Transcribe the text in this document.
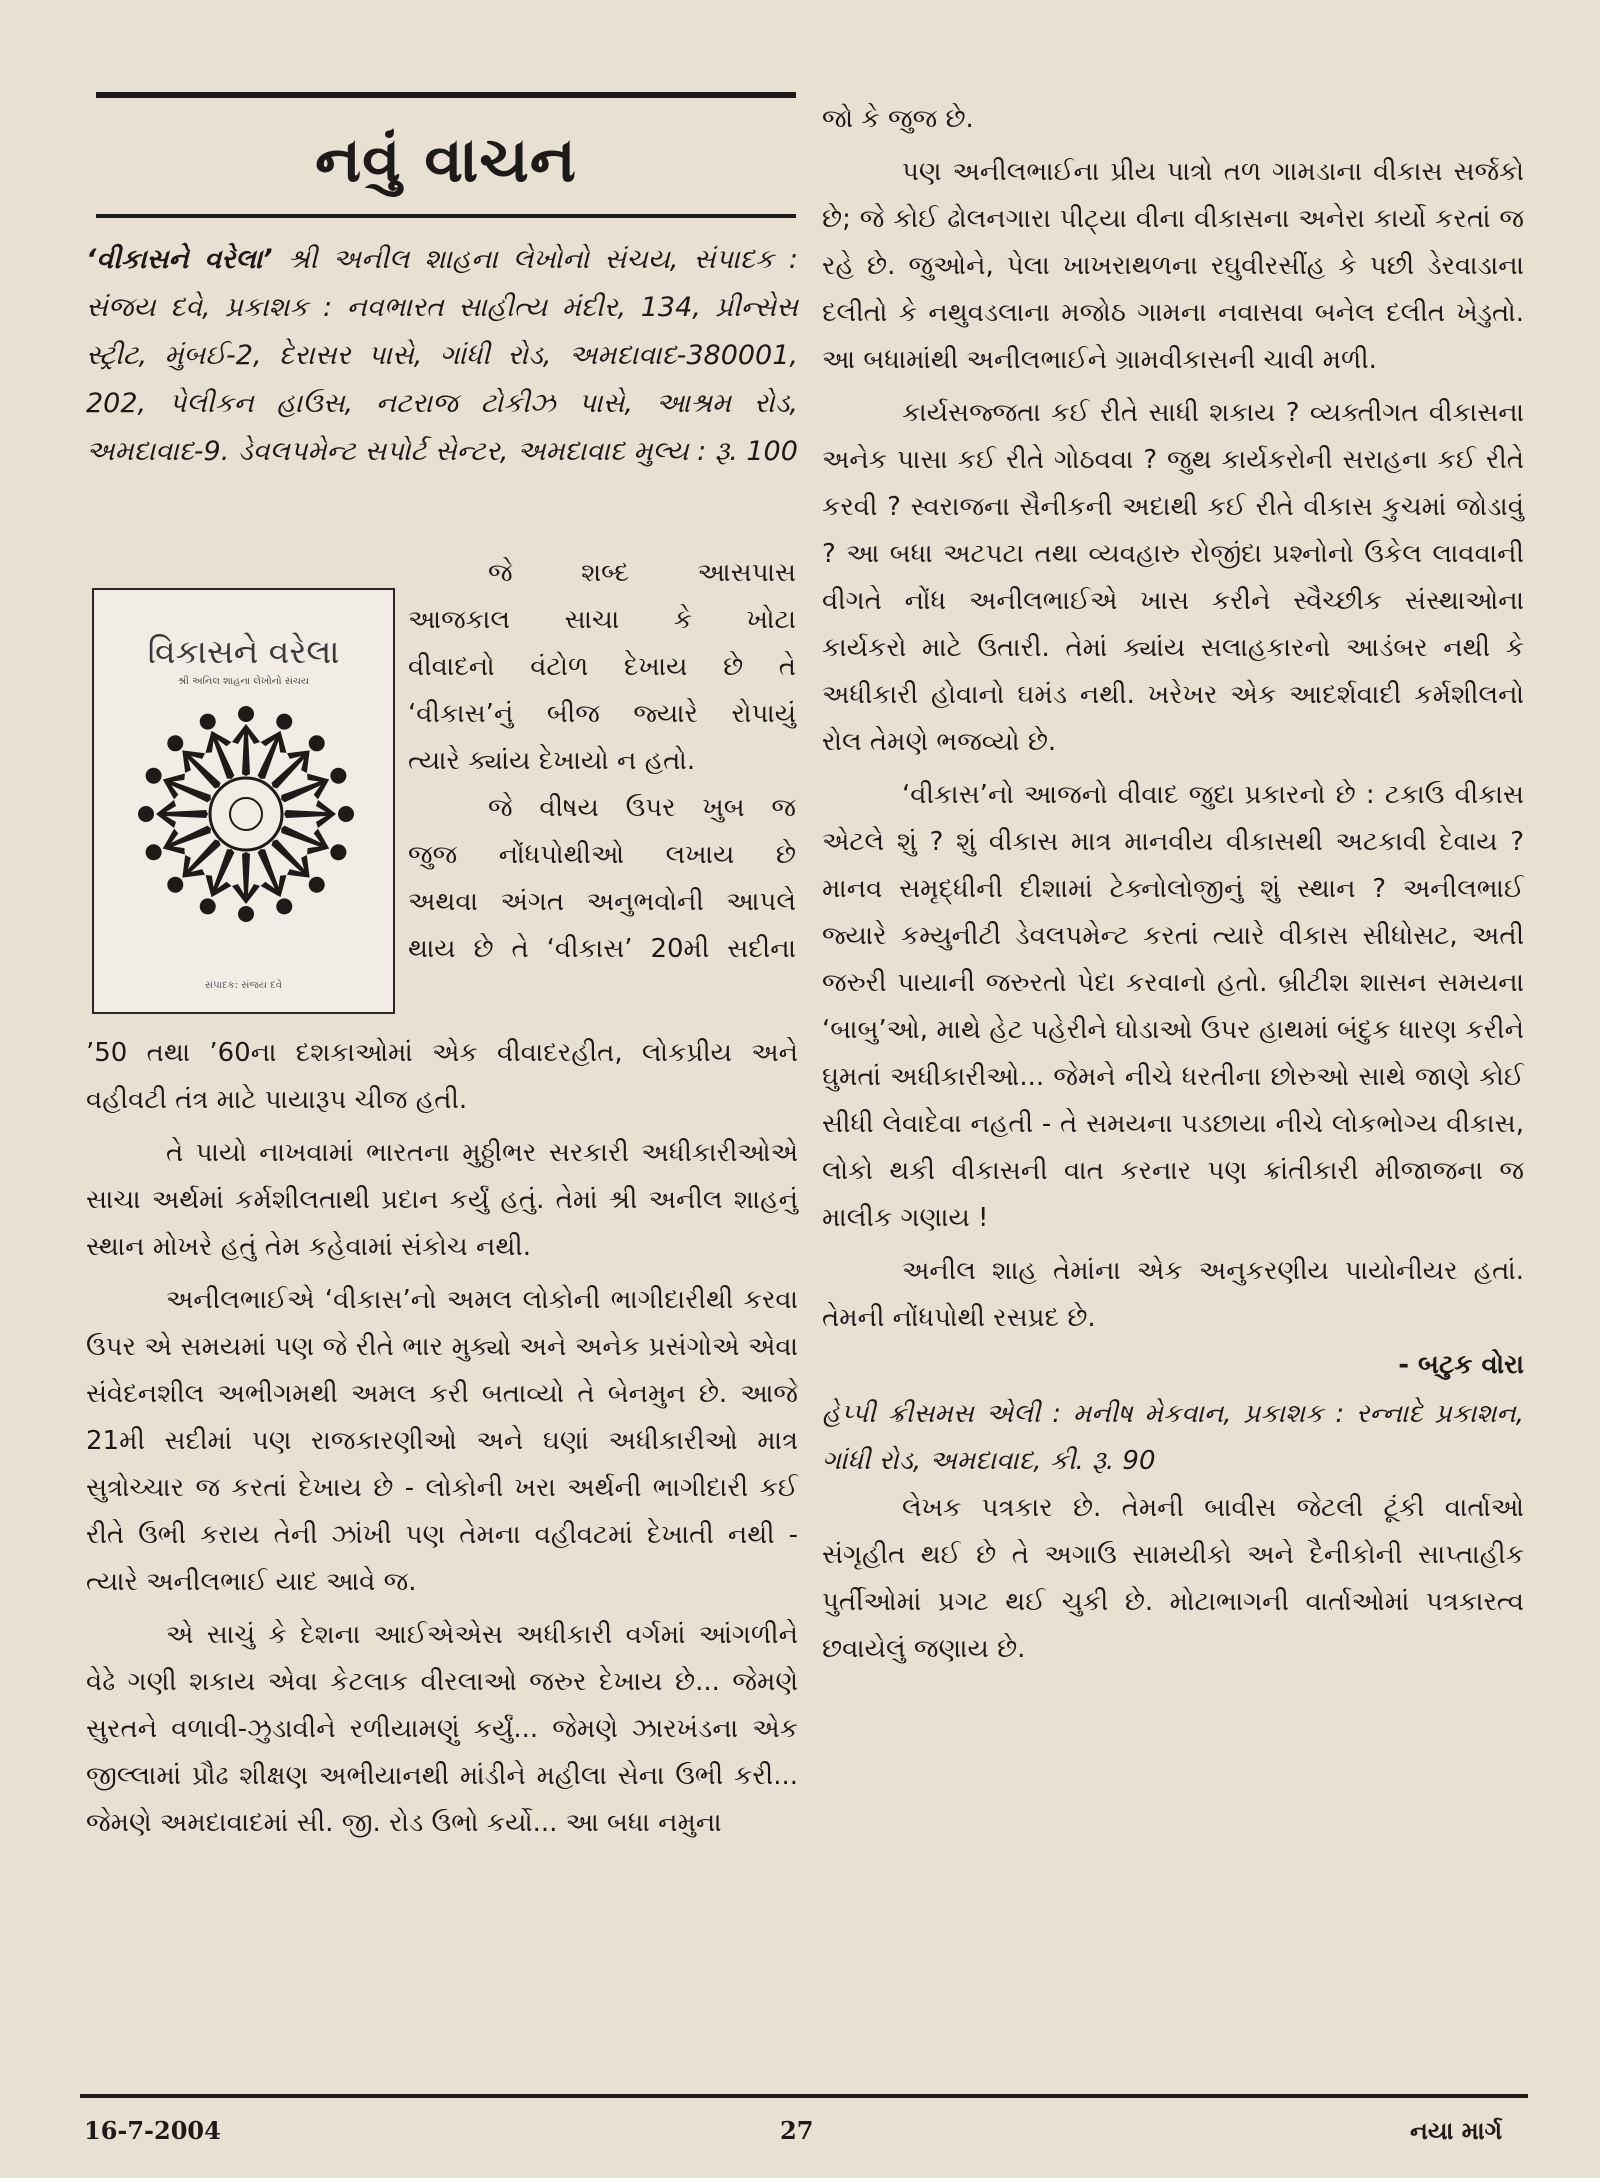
નવું વાચન

‘વીકાસને વરેલા’ શ્રી અનીલ શાહના લેખોનો સંચય, સંપાદક : સંજય દવે, પ્રકાશક : નવભારત સાહીત્ય મંદીર, 134, પ્રીન્સેસ સ્ટ્રીટ, મુંબઈ-2, દેરાસર પાસે, ગાંધી રોડ, અમદાવાદ-380001, 202, પેલીકન હાઉસ, નટરાજ ટોકીઝ પાસે, આશ્રમ રોડ, અમદાવાદ-9. ડેવલપમેન્ટ સપોર્ટ સેન્ટર, અમદાવાદ મુલ્ય : રૂ. 100

વિકાસને વરેલા
શ્રી અનિલ શાહના લેખોનો સંચય
સંપાદક: સંજય દવે

જે શબ્દ આસપાસ

આજકાલ સાચા કે ખોટા

વીવાદનો વંટોળ દેખાય છે તે

‘વીકાસ’નું બીજ જ્યારે રોપાયું

ત્યારે ક્યાંય દેખાયો ન હતો.

જે વીષય ઉપર ખુબ જ

જુજ નોંધપોથીઓ લખાય છે

અથવા અંગત અનુભવોની આપલે

થાય છે તે ‘વીકાસ’ 20મી સદીના

’50 તથા ’60ના દશકાઓમાં એક વીવાદરહીત, લોકપ્રીય અને વહીવટી તંત્ર માટે પાયારૂપ ચીજ હતી.

તે પાયો નાખવામાં ભારતના મુઠ્ઠીભર સરકારી અધીકારીઓએ સાચા અર્થમાં કર્મશીલતાથી પ્રદાન કર્યું હતું. તેમાં શ્રી અનીલ શાહનું સ્થાન મોખરે હતું તેમ કહેવામાં સંકોચ નથી.

અનીલભાઈએ ‘વીકાસ’નો અમલ લોકોની ભાગીદારીથી કરવા ઉપર એ સમયમાં પણ જે રીતે ભાર મુક્યો અને અનેક પ્રસંગોએ એવા સંવેદનશીલ અભીગમથી અમલ કરી બતાવ્યો તે બેનમુન છે. આજે 21મી સદીમાં પણ રાજકારણીઓ અને ઘણાં અધીકારીઓ માત્ર સુત્રોચ્ચાર જ કરતાં દેખાય છે - લોકોની ખરા અર્થની ભાગીદારી કઈ રીતે ઉભી કરાય તેની ઝાંખી પણ તેમના વહીવટમાં દેખાતી નથી - ત્યારે અનીલભાઈ યાદ આવે જ.

એ સાચું કે દેશના આઈએએસ અધીકારી વર્ગમાં આંગળીને વેઢે ગણી શકાય એવા કેટલાક વીરલાઓ જરુર દેખાય છે... જેમણે સુરતને વળાવી-ઝુડાવીને રળીયામણું કર્યું... જેમણે ઝારખંડના એક જીલ્લામાં પ્રૌઢ શીક્ષણ અભીયાનથી માંડીને મહીલા સેના ઉભી કરી... જેમણે અમદાવાદમાં સી. જી. રોડ ઉભો કર્યો... આ બધા નમુના

જો કે જુજ છે.

પણ અનીલભાઈના પ્રીય પાત્રો તળ ગામડાના વીકાસ સર્જકો છે; જે કોઈ ઢોલનગારા પીટ્યા વીના વીકાસના અનેરા કાર્યો કરતાં જ રહે છે. જુઓને, પેલા ખાખરાથળના રઘુવીરસીંહ કે પછી ડેરવાડાના દલીતો કે નથુવડલાના મજોઠ ગામના નવાસવા બનેલ દલીત ખેડુતો. આ બધામાંથી અનીલભાઈને ગ્રામવીકાસની ચાવી મળી.

કાર્યસજ્જતા કઈ રીતે સાધી શકાય ? વ્યક્તીગત વીકાસના અનેક પાસા કઈ રીતે ગોઠવવા ? જુથ કાર્યકરોની સરાહના કઈ રીતે કરવી ? સ્વરાજના સૈનીકની અદાથી કઈ રીતે વીકાસ કુચમાં જોડાવું ? આ બધા અટપટા તથા વ્યવહારુ રોજીંદા પ્રશ્નોનો ઉકેલ લાવવાની વીગતે નોંધ અનીલભાઈએ ખાસ કરીને સ્વૈચ્છીક સંસ્થાઓના કાર્યકરો માટે ઉતારી. તેમાં ક્યાંય સલાહકારનો આડંબર નથી કે અધીકારી હોવાનો ઘમંડ નથી. ખરેખર એક આદર્શવાદી કર્મશીલનો રોલ તેમણે ભજવ્યો છે.

‘વીકાસ’નો આજનો વીવાદ જુદા પ્રકારનો છે : ટકાઉ વીકાસ એટલે શું ? શું વીકાસ માત્ર માનવીય વીકાસથી અટકાવી દેવાય ? માનવ સમૃદ્ધીની દીશામાં ટેક્નોલોજીનું શું સ્થાન ? અનીલભાઈ જ્યારે કમ્યુનીટી ડેવલપમેન્ટ કરતાં ત્યારે વીકાસ સીધોસટ, અતી જરુરી પાયાની જરુરતો પેદા કરવાનો હતો. બ્રીટીશ શાસન સમયના ‘બાબુ’ઓ, માથે હેટ પહેરીને ઘોડાઓ ઉપર હાથમાં બંદુક ધારણ કરીને ઘુમતાં અધીકારીઓ... જેમને નીચે ધરતીના છોરુઓ સાથે જાણે કોઈ સીધી લેવાદેવા નહતી - તે સમયના પડછાયા નીચે લોકભોગ્ય વીકાસ, લોકો થકી વીકાસની વાત કરનાર પણ ક્રાંતીકારી મીજાજના જ માલીક ગણાય !

અનીલ શાહ તેમાંના એક અનુકરણીય પાયોનીયર હતાં. તેમની નોંધપોથી રસપ્રદ છે.

- બટુક વોરા

હેપ્પી ક્રીસમસ એલી : મનીષ મેકવાન, પ્રકાશક : રન્નાદે પ્રકાશન, ગાંધી રોડ, અમદાવાદ, કી. રૂ. 90

લેખક પત્રકાર છે. તેમની બાવીસ જેટલી ટૂંકી વાર્તાઓ સંગૃહીત થઈ છે તે અગાઉ સામયીકો અને દૈનીકોની સાપ્તાહીક પુર્તીઓમાં પ્રગટ થઈ ચુકી છે. મોટાભાગની વાર્તાઓમાં પત્રકારત્વ છવાયેલું જણાય છે.

16-7-2004	27	નયા માર્ગ
